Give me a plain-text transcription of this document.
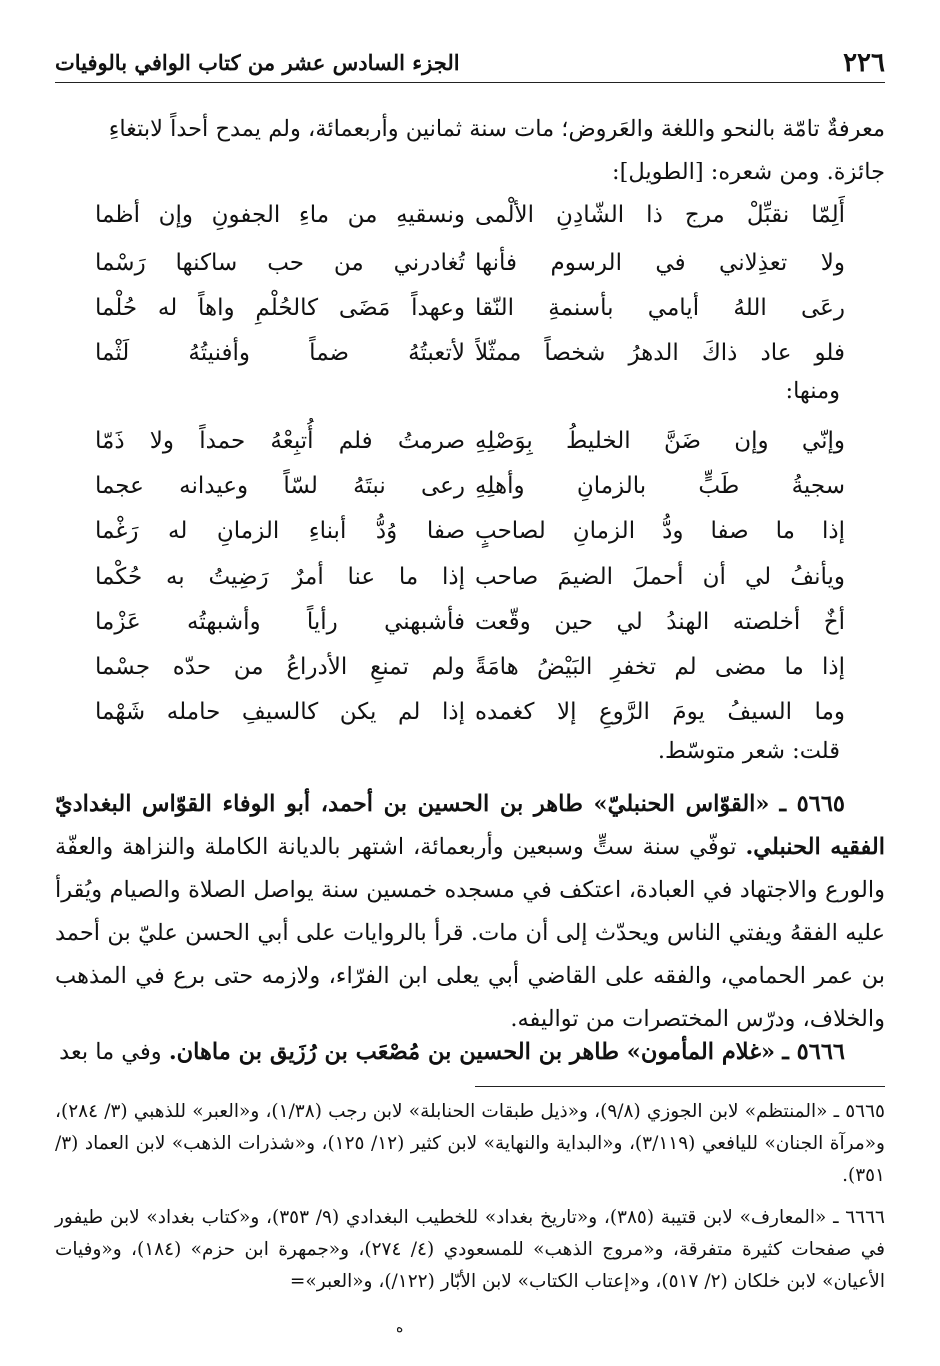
٢٢٦
الجزء السادس عشر من كتاب الوافي بالوفيات

معرفةٌ تامّة بالنحو واللغة والعَروض؛ مات سنة ثمانين وأربعمائة، ولم يمدح أحداً لابتغاءِ
جائزة. ومن شعره: [الطويل]:

أَلِمّا نقبِّلْ مرج ذا الشّادِنِ الألْمى
ونسقيهِ من ماءِ الجفونِ وإن أظما
ولا تعذِلاني في الرسوم فأنها
تُغادرني من حب ساكنها رَسْما
رعَى اللهُ أيامي بأسنمةِ النّقا
وعهداً مَضَى كالحُلْمِ واهاً له حُلْما
فلو عاد ذاكَ الدهرُ شخصاً ممثّلاً
لأتعبتُهُ ضماً وأفنيتُهُ لَثْما
ومنها:
وإنّي وإن ضَنَّ الخليطُ بِوَصْلِهِ
صرمتُ فلم أُتبِعْهُ حمداً ولا ذَمّا
سجيةُ طَبٍّ بالزمانِ وأهلِهِ
رعى نبتَهُ لسّاً وعيدانه عجما
إذا ما صفا ودُّ الزمانِ لصاحبٍ
صفا وُدُّ أبناءِ الزمانِ له رَغْما
ويأنفُ لي أن أحملَ الضيمَ صاحب
إذا ما عنا أمرٌ رَضِيتُ به حُكْما
أخٌ أخلصته الهندُ لي حين وقّعت
فأشبهني رأياً وأشبهتُه عَزْما
إذا ما مضى لم تخفرِ البَيْضُ هامَةً
ولم تمنعِ الأدراعُ من حدّه جسْما
وما السيفُ يومَ الرَّوعِ إلا كغمده
إذا لم يكن كالسيفِ حامله شَهْما
قلت: شعر متوسّط.

٥٦٦٥ ـ «القوّاس الحنبليّ» طاهر بن الحسين بن أحمد، أبو الوفاء القوّاس البغداديّ الفقيه الحنبلي. توفّي سنة ستٍّ وسبعين وأربعمائة، اشتهر بالديانة الكاملة والنزاهة والعفّة والورع والاجتهاد في العبادة، اعتكف في مسجده خمسين سنة يواصل الصلاة والصيام ويُقرأ عليه الفقهُ ويفتي الناس ويحدّث إلى أن مات. قرأ بالروايات على أبي الحسن عليّ بن أحمد بن عمر الحمامي، والفقه على القاضي أبي يعلى ابن الفرّاء، ولازمه حتى برع في المذهب والخلاف، ودرّس المختصرات من تواليفه.

٥٦٦٦ ـ «غلام المأمون» طاهر بن الحسين بن مُصْعَب بن رُزَيق بن ماهان. وفي ما بعد

٥٦٦٥ ـ «المنتظم» لابن الجوزي (٩/٨)، و«ذيل طبقات الحنابلة» لابن رجب (١/٣٨)، و«العبر» للذهبي (٣/ ٢٨٤)، و«مرآة الجنان» لليافعي (٣/١١٩)، و«البداية والنهاية» لابن كثير (١٢/ ١٢٥)، و«شذرات الذهب» لابن العماد (٣/ ٣٥١).

٦٦٦٦ ـ «المعارف» لابن قتيبة (٣٨٥)، و«تاريخ بغداد» للخطيب البغدادي (٩/ ٣٥٣)، و«كتاب بغداد» لابن طيفور في صفحات كثيرة متفرقة، و«مروج الذهب» للمسعودي (٤/ ٢٧٤)، و«جمهرة ابن حزم» (١٨٤)، و«وفيات الأعيان» لابن خلكان (٢/ ٥١٧)، و«إعتاب الكتاب» لابن الأبّار (١٢٢/)، و«العبر»=

ه
